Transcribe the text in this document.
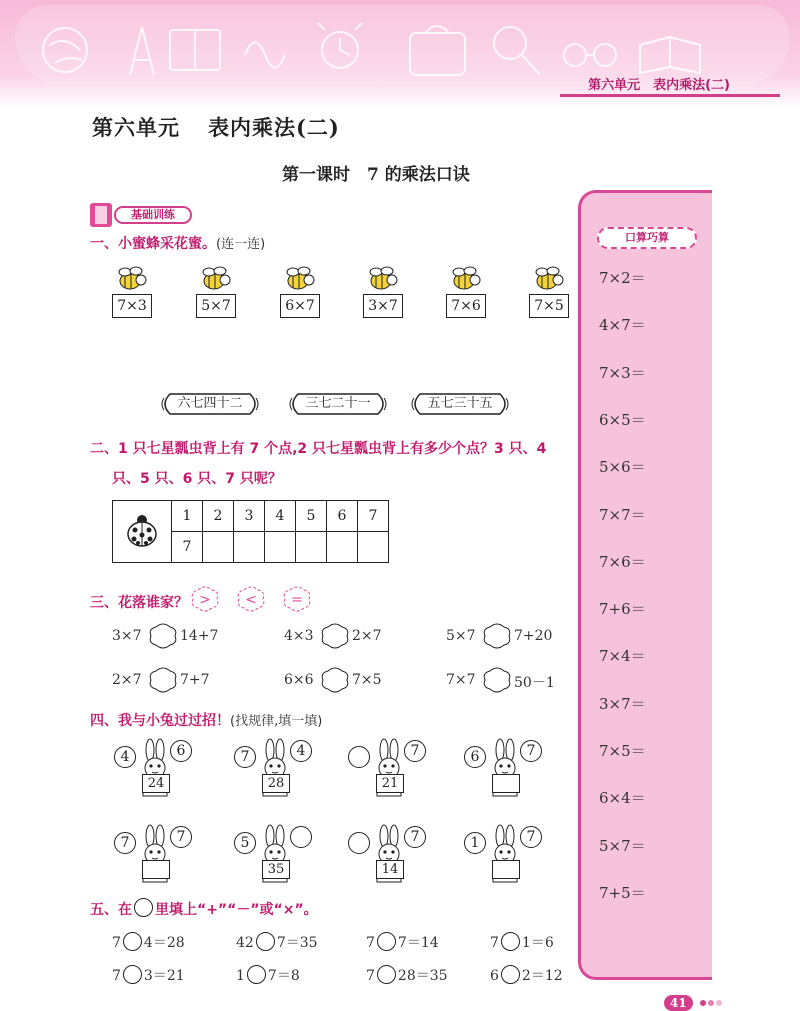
第六单元　表内乘法(二)
第六单元 表内乘法(二)
第一课时　7 的乘法口诀
基础训练
一、小蜜蜂采花蜜。(连一连)
7×3	5×7	6×7	3×7	7×6	7×5
六七四十二	三七二十一	五七三十五
二、1 只七星瓢虫背上有 7 个点,2 只七星瓢虫背上有多少个点？3 只、4
只、5 只、6 只、7 只呢？
	1	2	3	4	5	6	7
	7						
三、花落谁家？ > < =
3×7	14+7	4×3	2×7	5×7	7+20
2×7	7+7	6×6	7×5	7×7	50－1
四、我与小兔过过招！(找规律,填一填)
4	6
24
7	4
28
7
21
6	7
7	7	5
35
7
14
1	7
五、在 里填上“+”“－”或“×”。
7 4＝28	42 7＝35	7 7＝14	7 1＝6
7 3＝21	1 7＝8	7 28＝35	6 2＝12
口算巧算
7×2＝
4×7＝
7×3＝
6×5＝
5×6＝
7×7＝
7×6＝
7+6＝
7×4＝
3×7＝
7×5＝
6×4＝
5×7＝
7+5＝
41
